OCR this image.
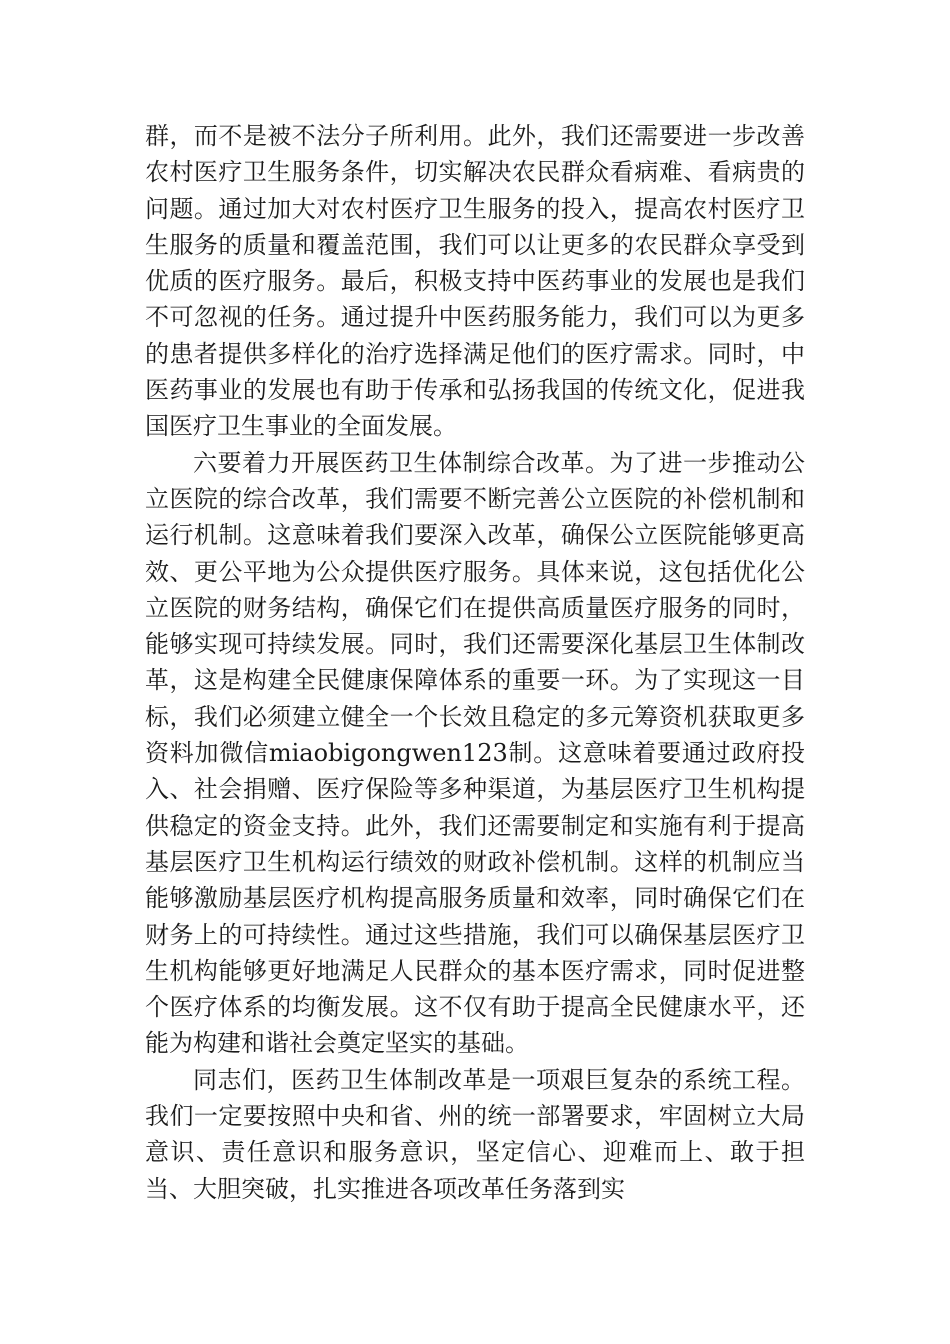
群，而不是被不法分子所利用。此外，我们还需要进一步改善农村医疗卫生服务条件，切实解决农民群众看病难、看病贵的问题。通过加大对农村医疗卫生服务的投入，提高农村医疗卫生服务的质量和覆盖范围，我们可以让更多的农民群众享受到优质的医疗服务。最后，积极支持中医药事业的发展也是我们不可忽视的任务。通过提升中医药服务能力，我们可以为更多的患者提供多样化的治疗选择满足他们的医疗需求。同时，中医药事业的发展也有助于传承和弘扬我国的传统文化，促进我国医疗卫生事业的全面发展。

六要着力开展医药卫生体制综合改革。为了进一步推动公立医院的综合改革，我们需要不断完善公立医院的补偿机制和运行机制。这意味着我们要深入改革，确保公立医院能够更高效、更公平地为公众提供医疗服务。具体来说，这包括优化公立医院的财务结构，确保它们在提供高质量医疗服务的同时，能够实现可持续发展。同时，我们还需要深化基层卫生体制改革，这是构建全民健康保障体系的重要一环。为了实现这一目标，我们必须建立健全一个长效且稳定的多元筹资机获取更多资料加微信miaobigongwen123制。这意味着要通过政府投入、社会捐赠、医疗保险等多种渠道，为基层医疗卫生机构提供稳定的资金支持。此外，我们还需要制定和实施有利于提高基层医疗卫生机构运行绩效的财政补偿机制。这样的机制应当能够激励基层医疗机构提高服务质量和效率，同时确保它们在财务上的可持续性。通过这些措施，我们可以确保基层医疗卫生机构能够更好地满足人民群众的基本医疗需求，同时促进整个医疗体系的均衡发展。这不仅有助于提高全民健康水平，还能为构建和谐社会奠定坚实的基础。

同志们，医药卫生体制改革是一项艰巨复杂的系统工程。我们一定要按照中央和省、州的统一部署要求，牢固树立大局意识、责任意识和服务意识，坚定信心、迎难而上、敢于担当、大胆突破，扎实推进各项改革任务落到实
